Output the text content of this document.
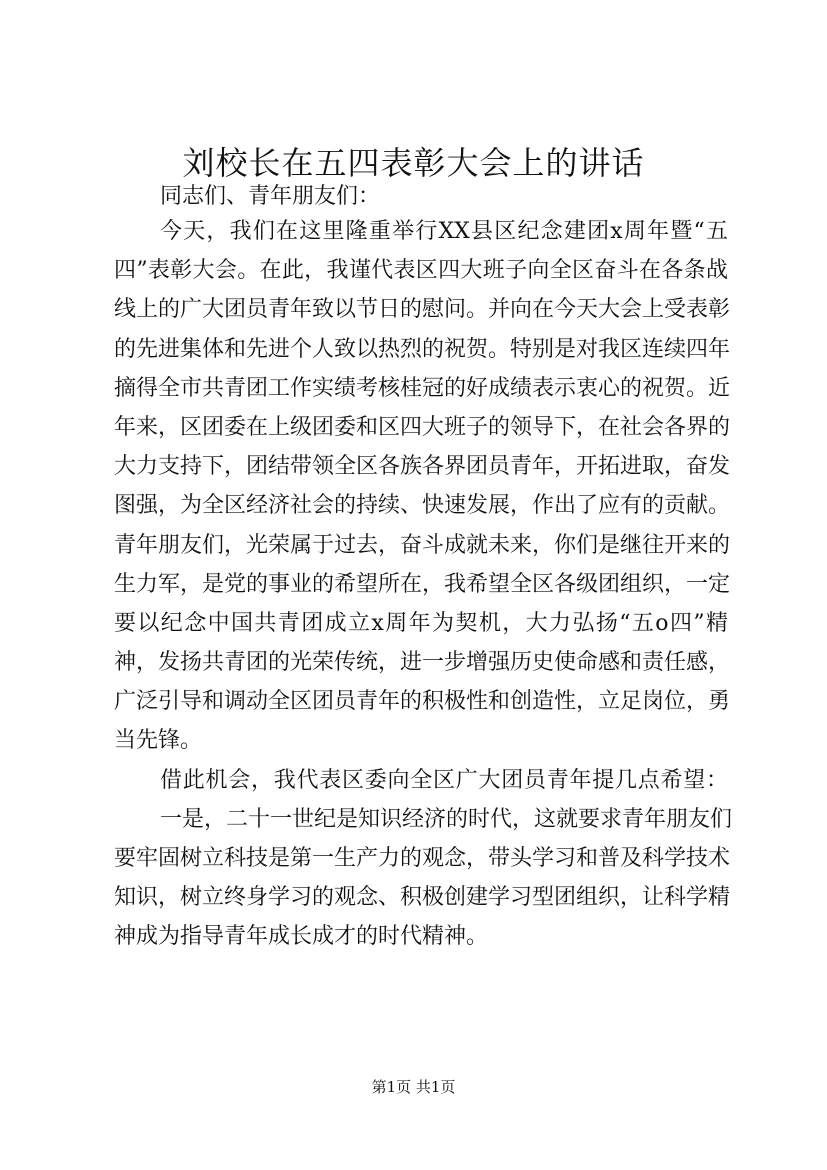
刘校长在五四表彰大会上的讲话
同志们、青年朋友们：
今天，我们在这里隆重举行XX县区纪念建团x周年暨“五
四”表彰大会。在此，我谨代表区四大班子向全区奋斗在各条战
线上的广大团员青年致以节日的慰问。并向在今天大会上受表彰
的先进集体和先进个人致以热烈的祝贺。特别是对我区连续四年
摘得全市共青团工作实绩考核桂冠的好成绩表示衷心的祝贺。近
年来，区团委在上级团委和区四大班子的领导下，在社会各界的
大力支持下，团结带领全区各族各界团员青年，开拓进取，奋发
图强，为全区经济社会的持续、快速发展，作出了应有的贡献。
青年朋友们，光荣属于过去，奋斗成就未来，你们是继往开来的
生力军，是党的事业的希望所在，我希望全区各级团组织，一定
要以纪念中国共青团成立x周年为契机，大力弘扬“五o四”精
神，发扬共青团的光荣传统，进一步增强历史使命感和责任感，
广泛引导和调动全区团员青年的积极性和创造性，立足岗位，勇
当先锋。
借此机会，我代表区委向全区广大团员青年提几点希望：
一是，二十一世纪是知识经济的时代，这就要求青年朋友们
要牢固树立科技是第一生产力的观念，带头学习和普及科学技术
知识，树立终身学习的观念、积极创建学习型团组织，让科学精
神成为指导青年成长成才的时代精神。
第1页 共1页
